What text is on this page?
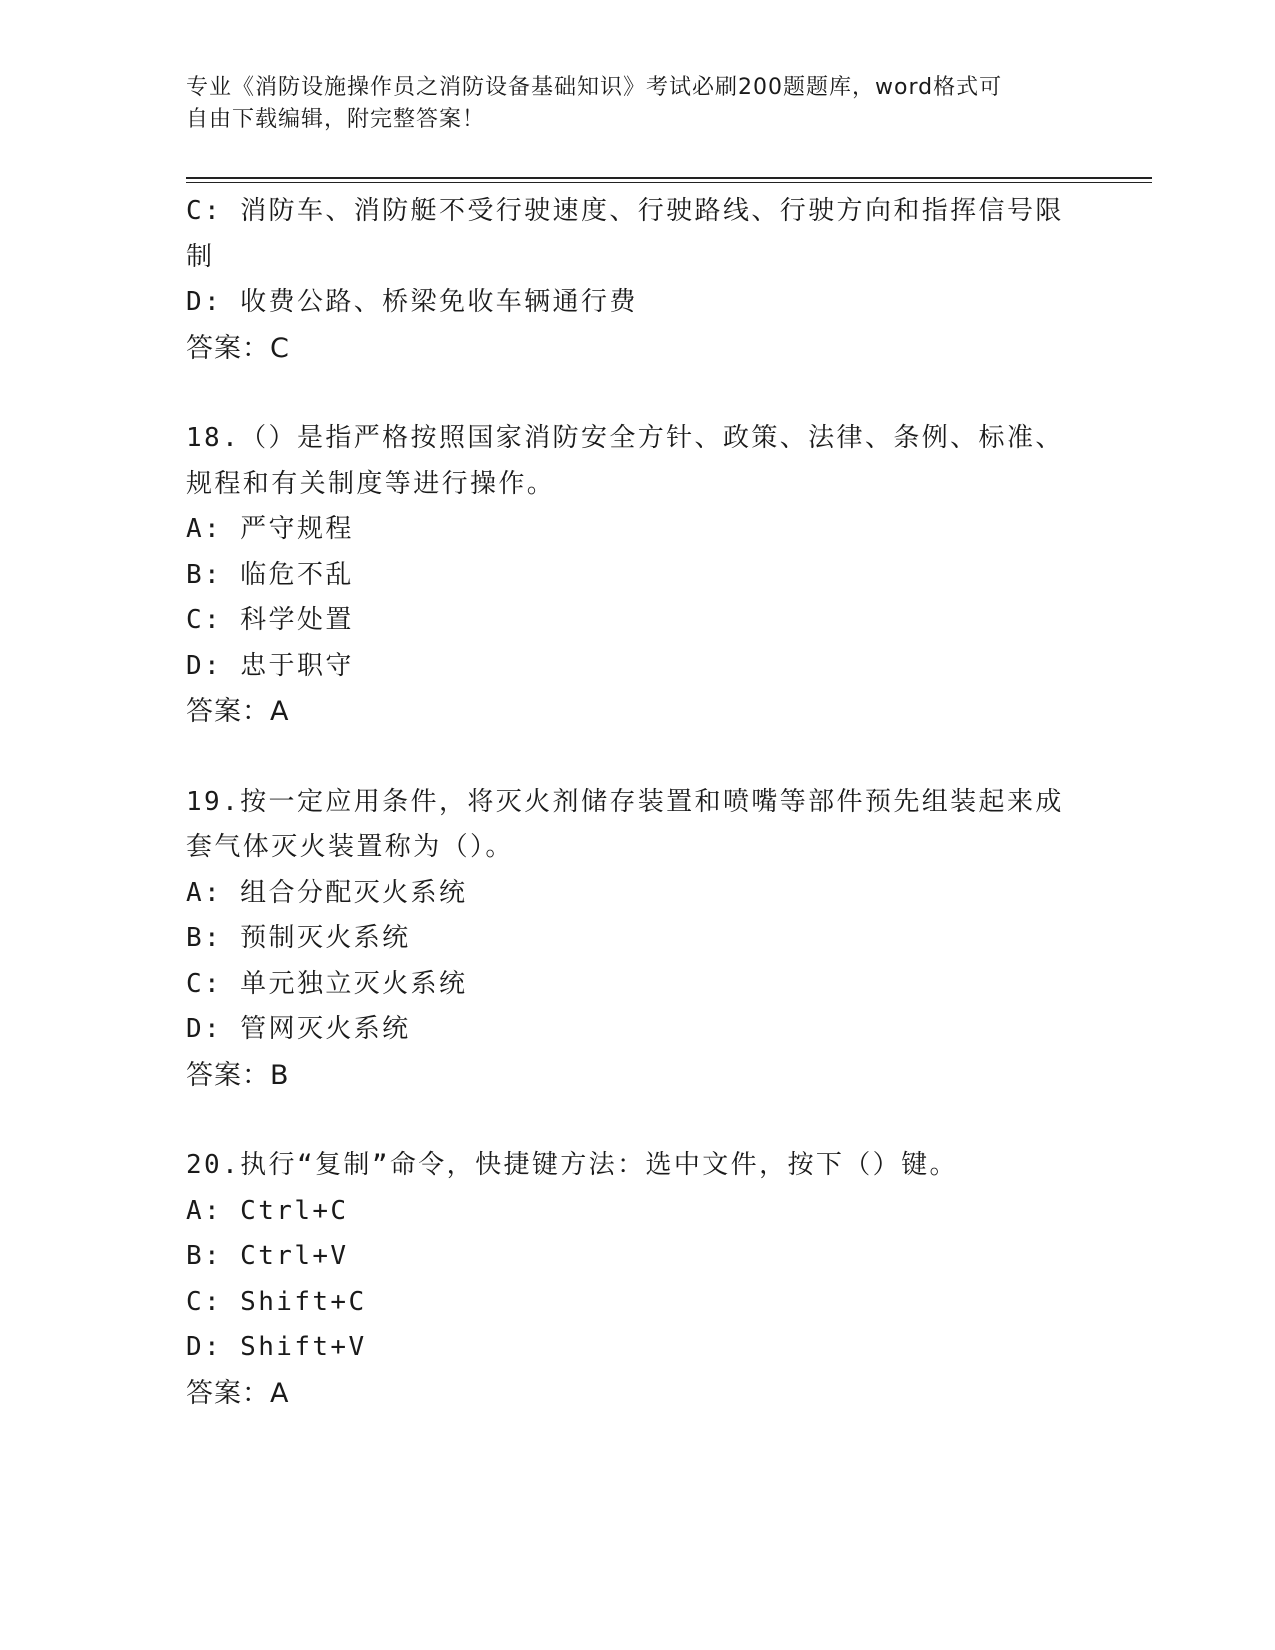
专业《消防设施操作员之消防设备基础知识》考试必刷200题题库，word格式可
自由下载编辑，附完整答案！
C: 消防车、消防艇不受行驶速度、行驶路线、行驶方向和指挥信号限
制
D: 收费公路、桥梁免收车辆通行费
答案：C
18.（）是指严格按照国家消防安全方针、政策、法律、条例、标准、
规程和有关制度等进行操作。
A: 严守规程
B: 临危不乱
C: 科学处置
D: 忠于职守
答案：A
19.按一定应用条件，将灭火剂储存装置和喷嘴等部件预先组装起来成
套气体灭火装置称为（）。
A: 组合分配灭火系统
B: 预制灭火系统
C: 单元独立灭火系统
D: 管网灭火系统
答案：B
20.执行“复制”命令，快捷键方法：选中文件，按下（）键。
A: Ctrl+C
B: Ctrl+V
C: Shift+C
D: Shift+V
答案：A
